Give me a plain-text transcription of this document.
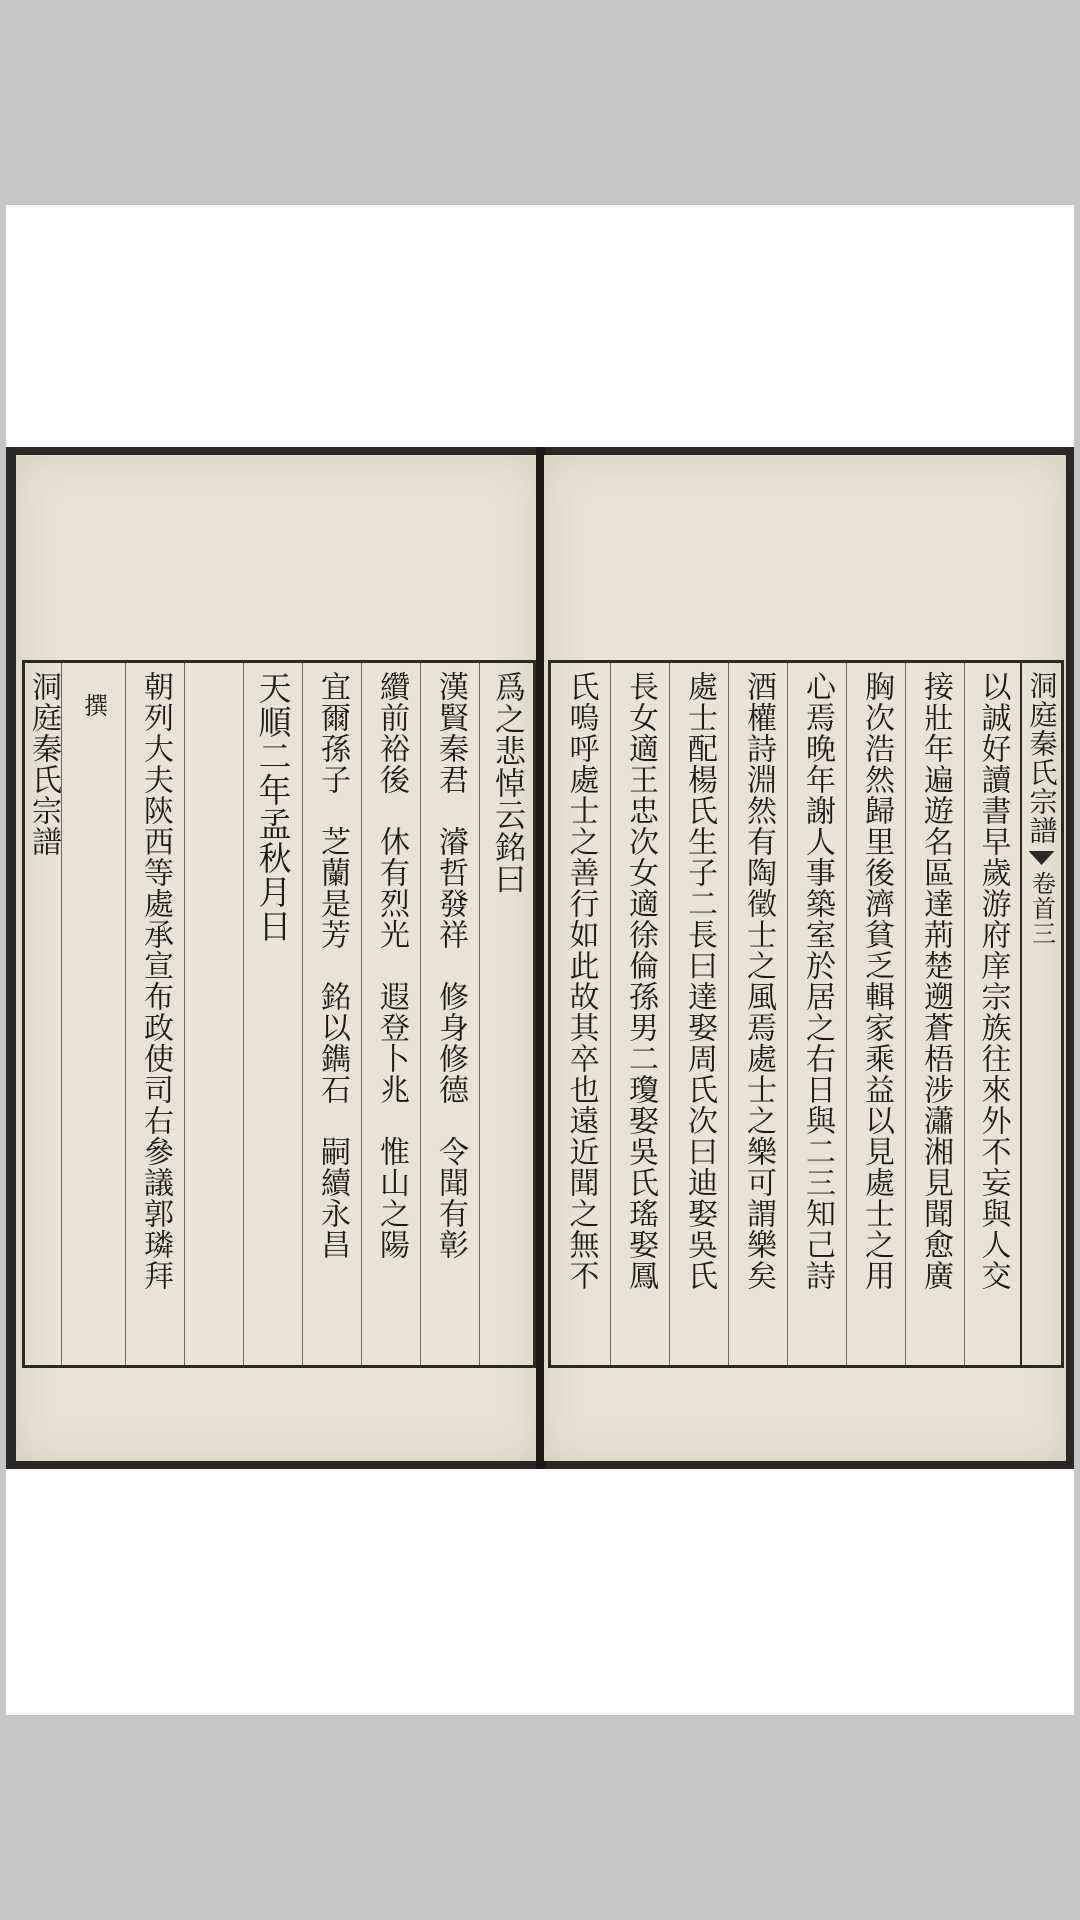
洞庭秦氏宗譜 撰 朝列大夫陝西等處承宣布政使司右參議郭璘拜 天順二年孟秋月日 宜爾孫子　芝蘭是芳　銘以鐫石　嗣續永昌 纘前裕後　休有烈光　遐登卜兆　惟山之陽 漢賢秦君　濬哲發祥　修身修德　令聞有彰 爲之悲悼云銘曰 氏嗚呼處士之善行如此故其卒也遠近聞之無不 長女適王忠次女適徐倫孫男二瓊娶吳氏瑤娶鳳 處士配楊氏生子二長曰達娶周氏次曰迪娶吳氏 酒權詩淵然有陶徵士之風焉處士之樂可謂樂矣 心焉晚年謝人事築室於居之右日與二三知己詩 胸次浩然歸里後濟貧乏輯家乘益以見處士之用 接壯年遍遊名區達荊楚遡蒼梧涉瀟湘見聞愈廣 以誠好讀書早歲游府庠宗族往來外不妄與人交 洞庭秦氏宗譜
卷首三
